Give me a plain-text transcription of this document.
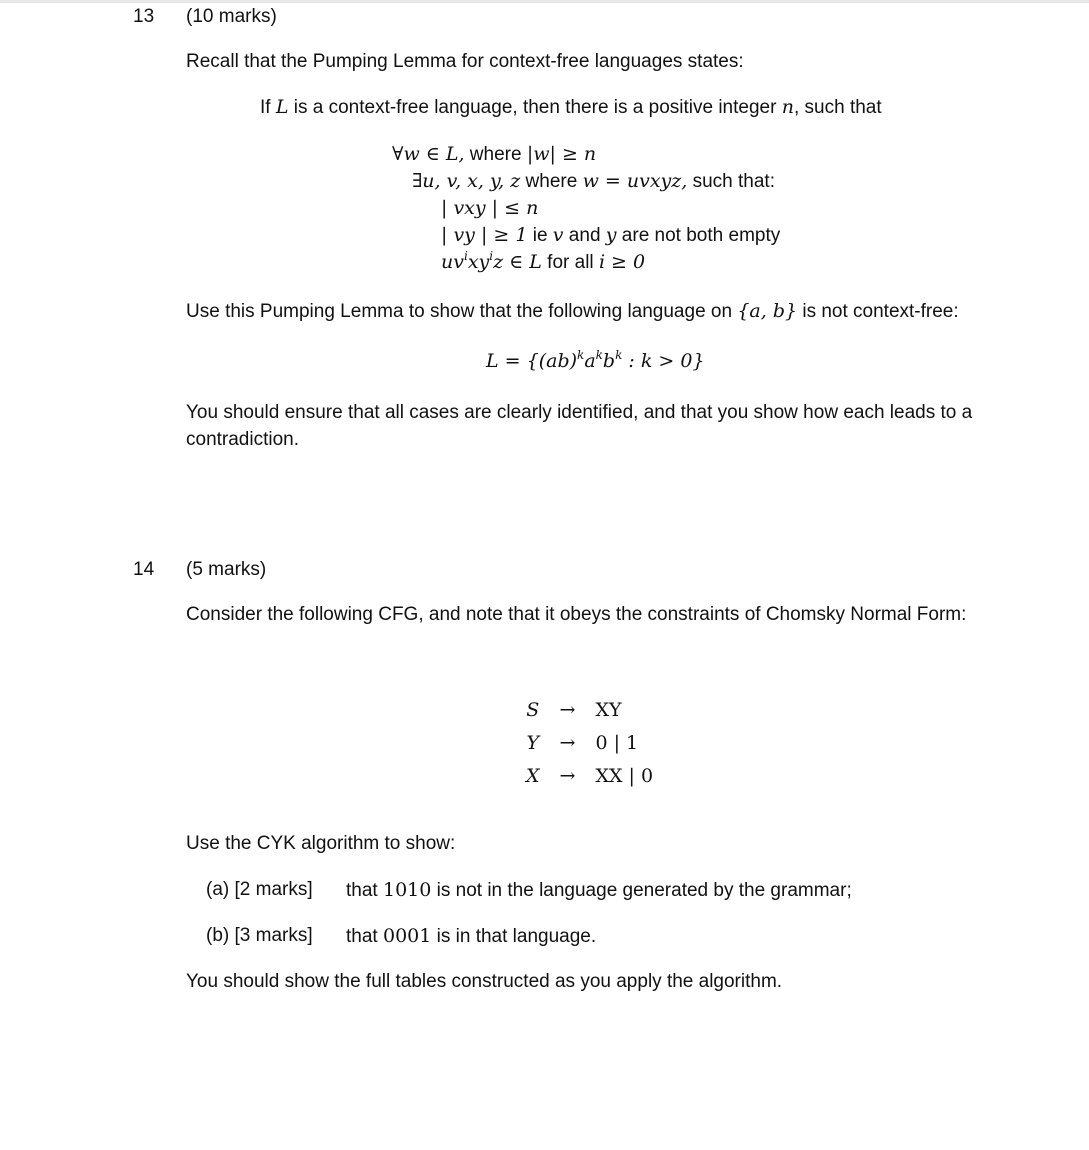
13 (10 marks)
Recall that the Pumping Lemma for context-free languages states:
If L is a context-free language, then there is a positive integer n, such that
∀w ∈ L, where |w| ≥ n
∃u, v, x, y, z where w = uvxyz, such that:
| vxy | ≤ n
| vy | ≥ 1 ie v and y are not both empty
$uv^ixy^iz$ ∈ L for all i ≥ 0
Use this Pumping Lemma to show that the following language on {a, b} is not context-free:
$L = \{(ab)^ka^kb^k$ : k > 0}
You should ensure that all cases are clearly identified, and that you show how each leads to a contradiction.
14 (5 marks)
Consider the following CFG, and note that it obeys the constraints of Chomsky Normal Form:
S	→	XY
Y	→	0 | 1
X	→	XX | 0
Use the CYK algorithm to show:
(a) [2 marks] that 1010 is not in the language generated by the grammar;
(b) [3 marks] that 0001 is in that language.
You should show the full tables constructed as you apply the algorithm.
